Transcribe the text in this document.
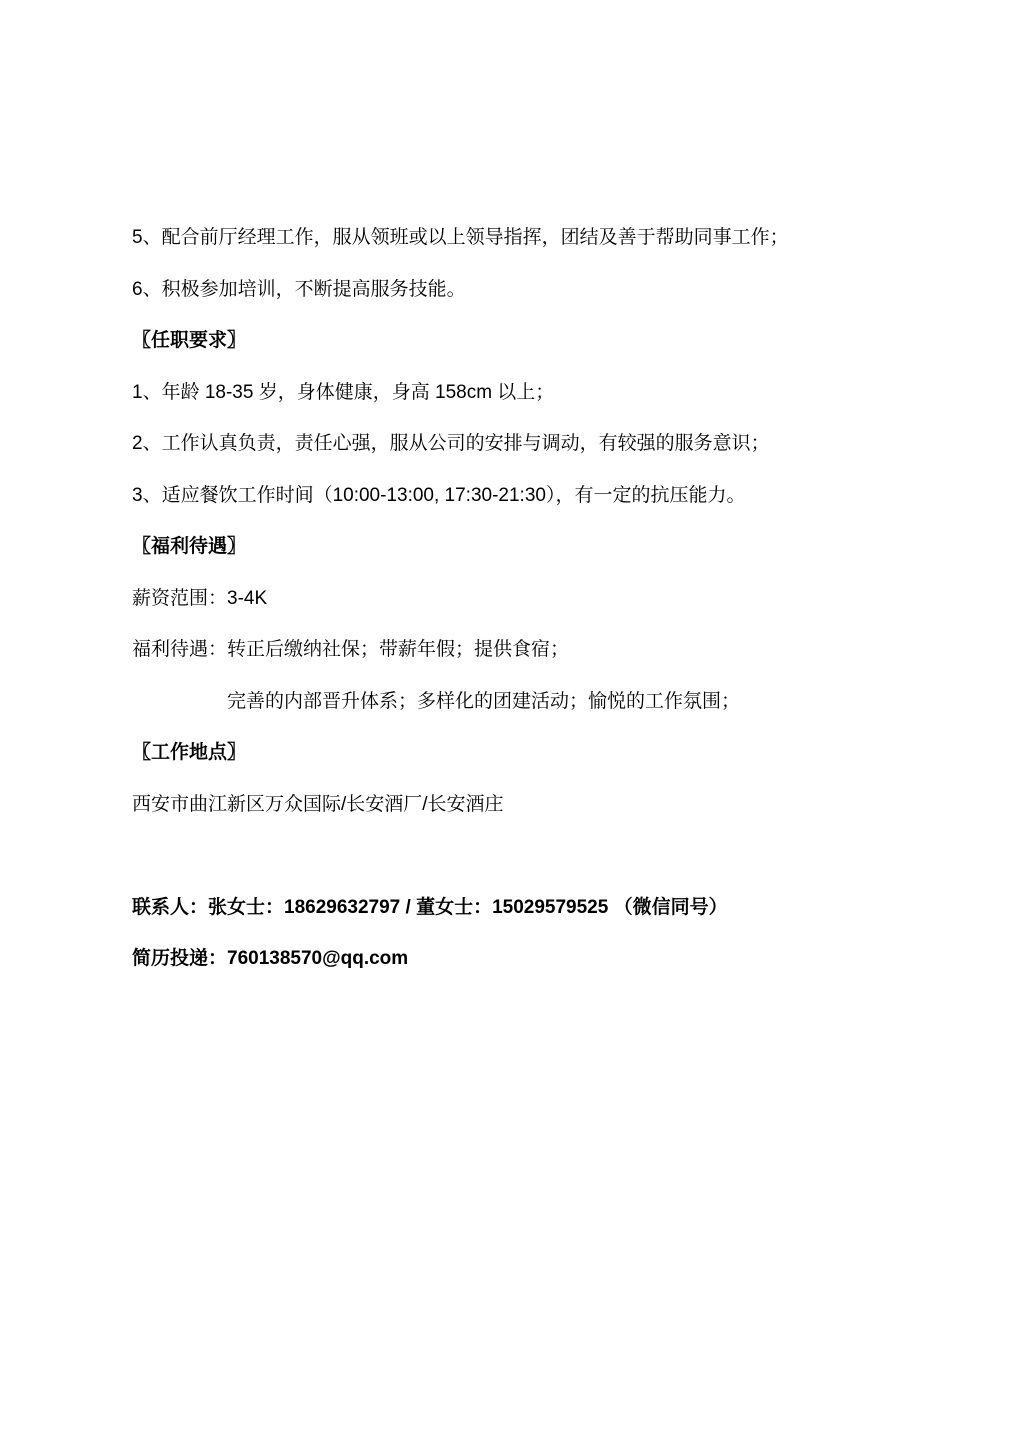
5、配合前厅经理工作，服从领班或以上领导指挥，团结及善于帮助同事工作；

6、积极参加培训，不断提高服务技能。

〖任职要求〗

1、年龄 18-35 岁，身体健康，身高 158cm 以上；

2、工作认真负责，责任心强，服从公司的安排与调动，有较强的服务意识；

3、适应餐饮工作时间（10:00-13:00, 17:30-21:30），有一定的抗压能力。

〖福利待遇〗

薪资范围：3-4K

福利待遇：转正后缴纳社保；带薪年假；提供食宿；

完善的内部晋升体系；多样化的团建活动；愉悦的工作氛围；

〖工作地点〗

西安市曲江新区万众国际/长安酒厂/长安酒庄

联系人：张女士：18629632797 / 董女士：15029579525 （微信同号）

简历投递：760138570@qq.com
